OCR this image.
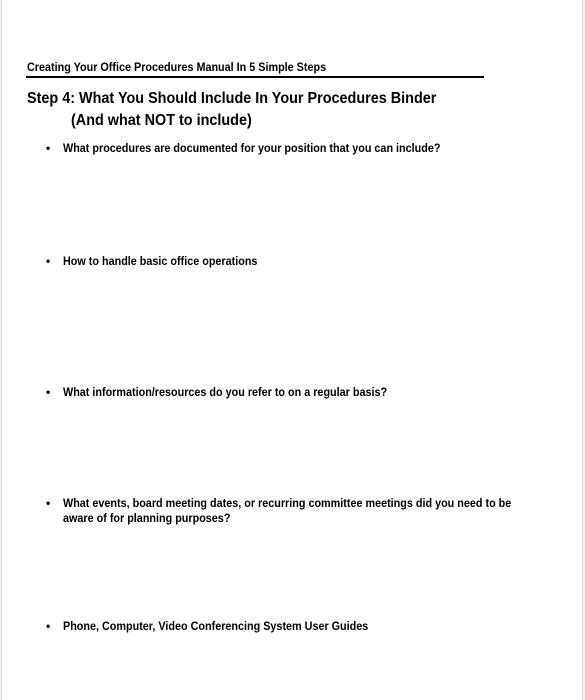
Creating Your Office Procedures Manual In 5 Simple Steps
Step 4: What You Should Include In Your Procedures Binder
(And what NOT to include)
•	What procedures are documented for your position that you can include?
•	How to handle basic office operations
•	What information/resources do you refer to on a regular basis?
•	What events, board meeting dates, or recurring committee meetings did you need to be aware of for planning purposes?
•	Phone, Computer, Video Conferencing System User Guides
